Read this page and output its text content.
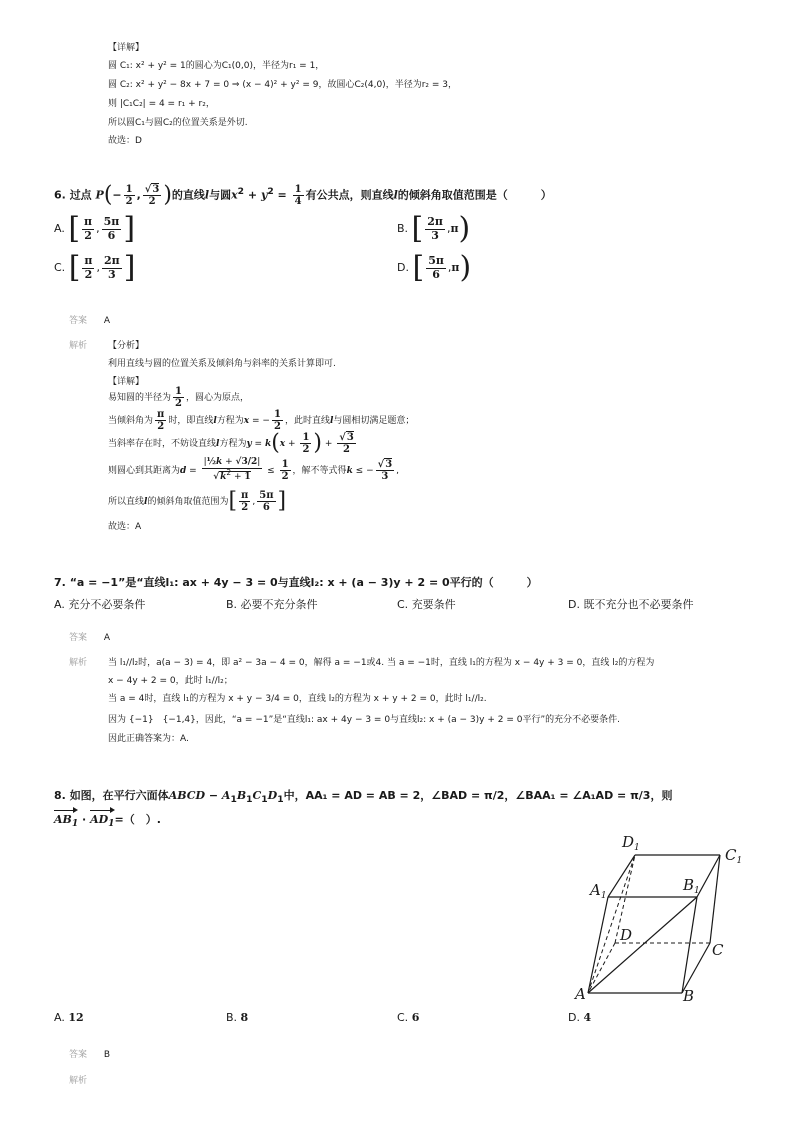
【详解】
圆 C₁: x² + y² = 1的圆心为C₁(0,0)，半径为r₁ = 1，
圆 C₂: x² + y² − 8x + 7 = 0 ⇒ (x − 4)² + y² = 9，故圆心C₂(4,0)，半径为r₂ = 3，
则 |C₁C₂| = 4 = r₁ + r₂，
所以圆C₁与圆C₂的位置关系是外切.
故选：D
6. 过点 $P(- \frac{1}{2}$ , $\frac{√3}{2}$ )的直线l与圆$x^2 + y^2 = \frac{1}{4}$ 有公共点，则直线l的倾斜角取值范围是（　　　）
A. [ $\frac{\pi}{2}$ , $\frac{5\pi}{6}$ ]	B. [ $\frac{2\pi}{3} ,\pi$)
C. [ $\frac{\pi}{2}$ , $\frac{2\pi}{3}$ ]	D. [ $\frac{5\pi}{6} ,\pi$)
答案 A
解析 【分析】
利用直线与圆的位置关系及倾斜角与斜率的关系计算即可.
【详解】
易知圆的半径为 $\frac{1}{2}$ ，圆心为原点，
当倾斜角为 $\frac{\pi}{2}$ 时，即直线l方程为x = − $\frac{1}{2}$ ，此时直线l与圆相切满足题意；
当斜率存在时，不妨设直线l方程为$y = k(x + \frac{1}{2}$ ) + $\frac{√3}{2}$
则圆心到其距离为$d = \frac{\text{|½k + √3/2|}}{√k^2 + 1} \le \frac{1}{2}$ ，解不等式得k ≤ − $\frac{√3}{3}$ ,
所以直线l的倾斜角取值范围为[ $\frac{\pi}{2}$ , $\frac{5\pi}{6}$ ]
故选：A
7. “a = −1”是“直线l₁: ax + 4y − 3 = 0与直线l₂: x + (a − 3)y + 2 = 0平行的（　　　）
A. 充分不必要条件	B. 必要不充分条件	C. 充要条件	D. 既不充分也不必要条件
答案 A
解析 当 l₁//l₂时，a(a − 3) = 4，即 a² − 3a − 4 = 0，解得 a = −1或4. 当 a = −1时，直线 l₁的方程为 x − 4y + 3 = 0，直线 l₂的方程为
x − 4y + 2 = 0，此时 l₁//l₂；
当 a = 4时，直线 l₁的方程为 x + y − 3/4 = 0，直线 l₂的方程为 x + y + 2 = 0，此时 l₁//l₂.
因为 {−1}　{−1,4}，因此，“a = −1”是“直线l₁: ax + 4y − 3 = 0与直线l₂: x + (a − 3)y + 2 = 0平行”的充分不必要条件.
因此正确答案为：A.
8. 如图，在平行六面体ABCD − $A_1B_1C_1D_1$中，AA₁ = AD = AB = 2，∠BAD = π/2，∠BAA₁ = ∠A₁AD = π/3，则
$AB_1 \cdot AD_1=$（　）.
$D_1$	$C_1$
$A_1$
$B_1$
D
C
A	B
A. 12	B. 8	C. 6	D. 4
答案 B
解析
